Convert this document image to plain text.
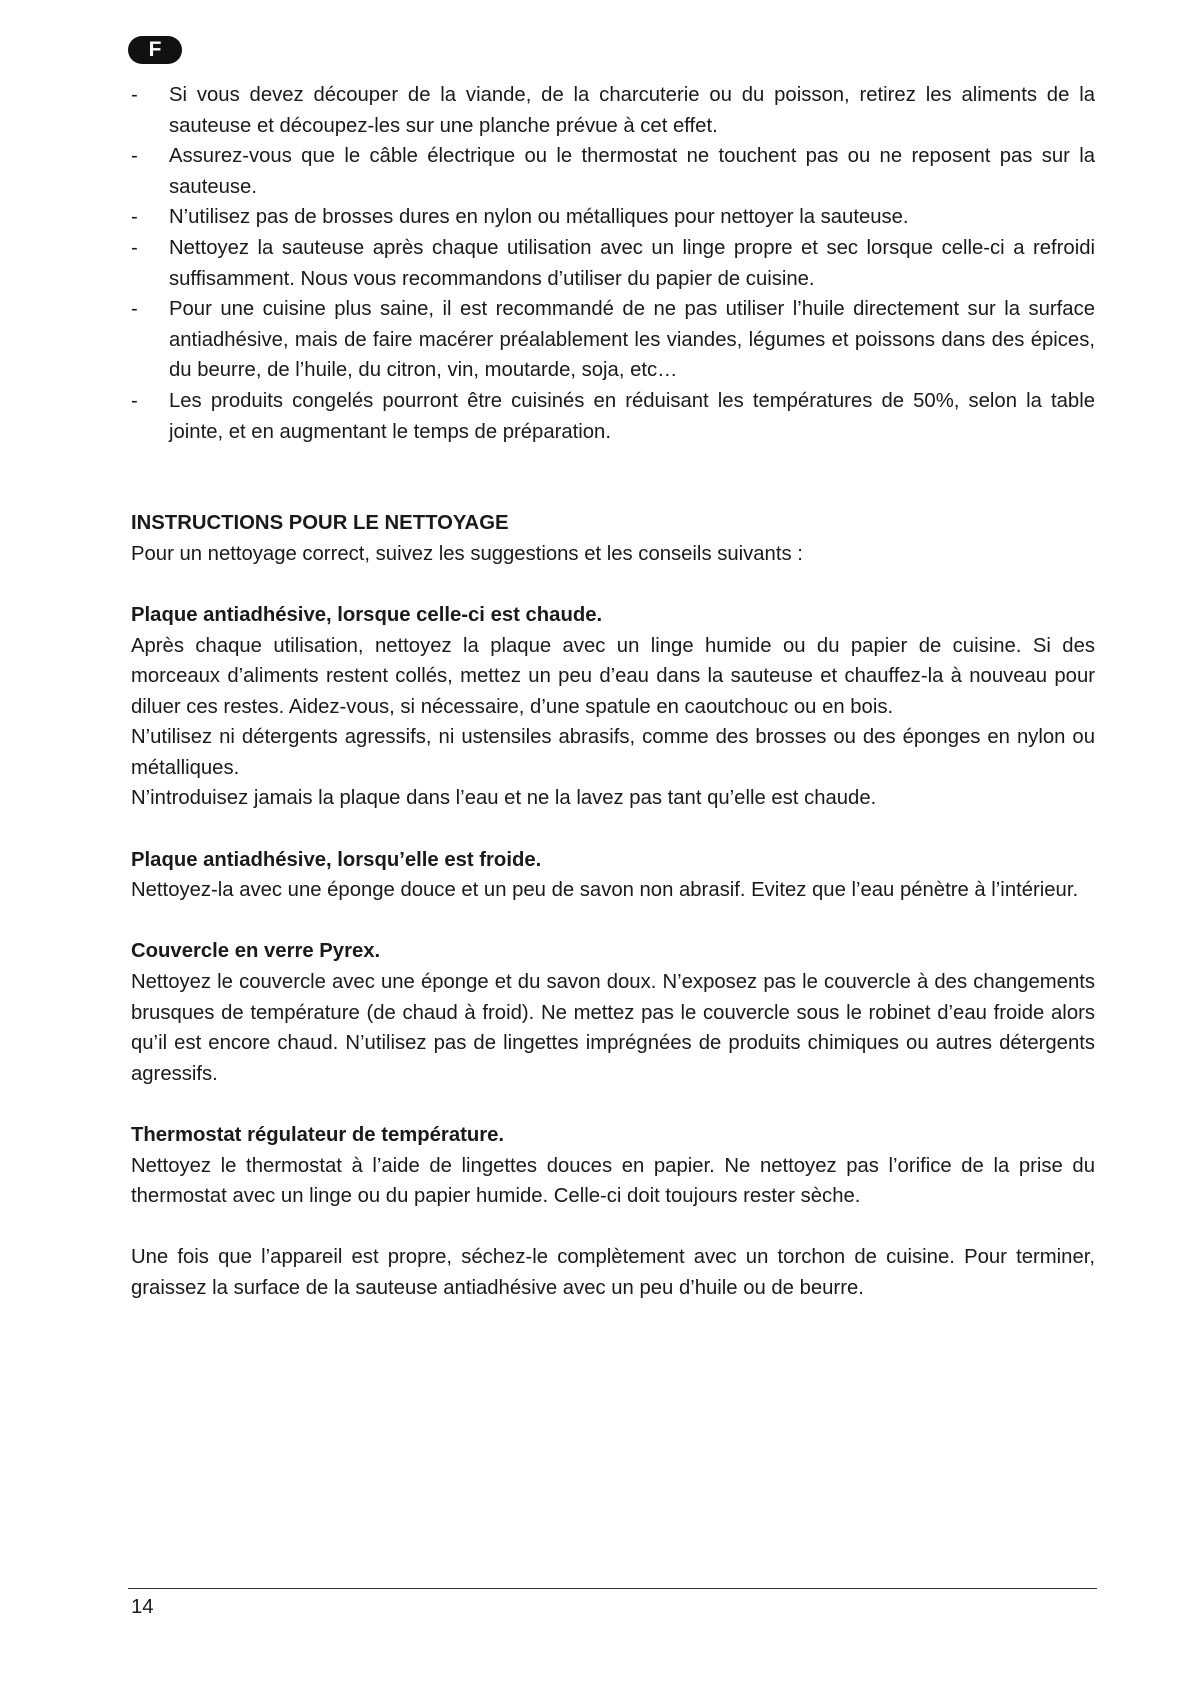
F
- Si vous devez découper de la viande, de la charcuterie ou du poisson, retirez les aliments de la sauteuse et découpez-les sur une planche prévue à cet effet.
- Assurez-vous que le câble électrique ou le thermostat ne touchent pas ou ne reposent pas sur la sauteuse.
- N’utilisez pas de brosses dures en nylon ou métalliques pour nettoyer la sauteuse.
- Nettoyez la sauteuse après chaque utilisation avec un linge propre et sec lorsque celle-ci a refroidi suffisamment. Nous vous recommandons d’utiliser du papier de cuisine.
- Pour une cuisine plus saine, il est recommandé de ne pas utiliser l’huile directement sur la surface antiadhésive, mais de faire macérer préalablement les viandes, légumes et poissons dans des épices, du beurre, de l’huile, du citron, vin, moutarde, soja, etc…
- Les produits congelés pourront être cuisinés en réduisant les températures de 50%, selon la table jointe, et en augmentant le temps de préparation.
INSTRUCTIONS POUR LE NETTOYAGE

Pour un nettoyage correct, suivez les suggestions et les conseils suivants :

Plaque antiadhésive, lorsque celle-ci est chaude.

Après chaque utilisation, nettoyez la plaque avec un linge humide ou du papier de cuisine. Si des morceaux d’aliments restent collés, mettez un peu d’eau dans la sauteuse et chauffez-la à nouveau pour diluer ces restes. Aidez-vous, si nécessaire, d’une spatule en caoutchouc ou en bois.

N’utilisez ni détergents agressifs, ni ustensiles abrasifs, comme des brosses ou des éponges en nylon ou métalliques.

N’introduisez jamais la plaque dans l’eau et ne la lavez pas tant qu’elle est chaude.

Plaque antiadhésive, lorsqu’elle est froide.

Nettoyez-la avec une éponge douce et un peu de savon non abrasif. Evitez que l’eau pénètre à l’intérieur.

Couvercle en verre Pyrex.

Nettoyez le couvercle avec une éponge et du savon doux. N’exposez pas le couvercle à des changements brusques de température (de chaud à froid). Ne mettez pas le couvercle sous le robinet d’eau froide alors qu’il est encore chaud. N’utilisez pas de lingettes imprégnées de produits chimiques ou autres détergents agressifs.

Thermostat régulateur de température.

Nettoyez le thermostat à l’aide de lingettes douces en papier. Ne nettoyez pas l’orifice de la prise du thermostat avec un linge ou du papier humide. Celle-ci doit toujours rester sèche.

Une fois que l’appareil est propre, séchez-le complètement avec un torchon de cuisine. Pour terminer, graissez la surface de la sauteuse antiadhésive avec un peu d’huile ou de beurre.

14
